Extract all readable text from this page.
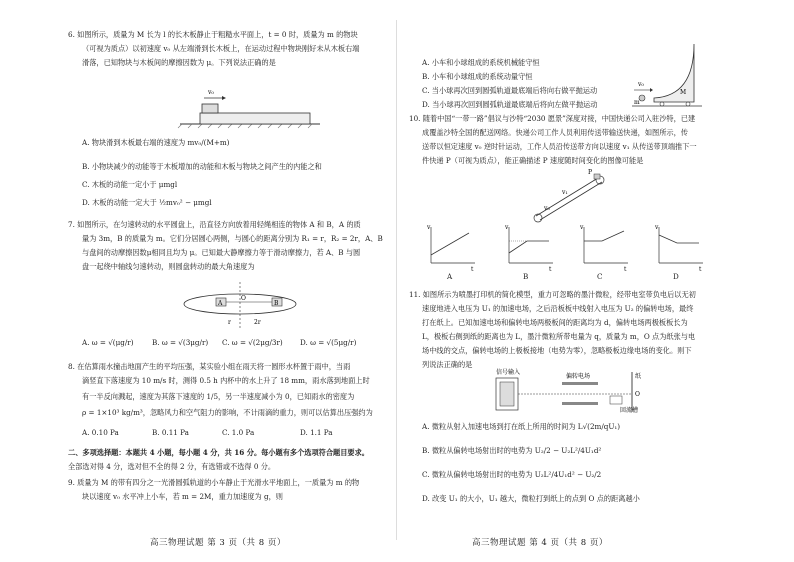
6. 如图所示，质量为 M 长为 l 的长木板静止于粗糙水平面上，t = 0 时，质量为 m 的物块
（可视为质点）以初速度 v₀ 从左端滑到长木板上，在运动过程中物块刚好未从木板右端
滑落，已知物块与木板间的摩擦因数为 μ。下列说法正确的是
v₀
A. 物块滑到木板最右端的速度为 mv₀/(M+m)
B. 小物块减少的动能等于木板增加的动能和木板与物块之间产生的内能之和
C. 木板的动能一定小于 μmgl
D. 木板的动能一定大于 ½mv₀² − μmgl
7. 如图所示，在匀速转动的水平圆盘上，沿直径方向放着用轻绳相连的物体 A 和 B，A 的质
量为 3m，B 的质量为 m。它们分居圆心两侧，与圆心的距离分别为 R₁ = r，R₂ = 2r，A、B
与盘间的动摩擦因数μ相同且均为 μ。已知最大静摩擦力等于滑动摩擦力，若 A、B 与圆
盘一起绕中轴线匀速转动，则圆盘转动的最大角速度为
A	B
O
r	2r
A. ω = √(μg/r)	B. ω = √(3μg/r) C. ω = √(2μg/3r) D. ω = √(5μg/r)
8. 在估算雨水撞击地面产生的平均压强，某实验小组在雨天将一圆形水杯置于雨中，当雨
滴竖直下落速度为 10 m/s 时，测得 0.5 h 内杯中的水上升了 18 mm，雨水落到地面上时
有一半反向溅起，速度为其落下速度的 1/5，另一半速度减小为 0，已知雨水的密度为
ρ = 1×10³ kg/m³，忽略风力和空气阻力的影响，不计雨滴的重力，则可以估算出压强约为
A. 0.10 Pa	B. 0.11 Pa	C. 1.0 Pa	D. 1.1 Pa
二、多项选择题：本题共 4 小题，每小题 4 分，共 16 分。每小题有多个选项符合题目要求。
全部选对得 4 分，选对但不全的得 2 分，有选错或不选得 0 分。
9. 质量为 M 的带有四分之一光滑圆弧轨道的小车静止于光滑水平地面上，一质量为 m 的物
块以速度 v₀ 水平冲上小车，若 m = 2M，重力加速度为 g，则
高三物理试题 第 3 页（共 8 页）
A. 小车和小球组成的系统机械能守恒
B. 小车和小球组成的系统动量守恒
C. 当小球再次回到圆弧轨道最底端后将向右做平抛运动
D. 当小球再次回到圆弧轨道最底端后将向左做平抛运动
v₀
m
M
10. 随着中国“一带一路”倡议与沙特“2030 愿景”深度对接，中国快递公司入驻沙特，已建
成覆盖沙特全国的配送网络。快递公司工作人员利用传送带输送快递，如图所示，传
送带以恒定速度 v₀ 逆时针运动，工作人员沿传送带方向以速度 v₁ 从传送带顶端推下一
件快递 P（可视为质点），能正确描述 P 速度随时间变化的图像可能是
P
v₁
v₀
v
t
v
t
v
t
v
t
A	B	C	D
11. 如图所示为喷墨打印机的简化模型，重力可忽略的墨汁微粒，经带电室带负电后以无初
速度地进入电压为 U₁ 的加速电场，之后沿板板中线射入电压为 U₂ 的偏转电场，最终
打在纸上。已知加速电场和偏转电场两极板间的距离均为 d，偏转电场两极板板长为
L，极板右侧到纸的距离也为 L，墨汁微粒所带电量为 q，质量为 m，O 点为纸张与电
场中线的交点，偏转电场的上极板接地（电势为零），忽略极板边缘电场的变化。则下
列说法正确的是
信号输入
偏转电场	纸
回流槽
O
A. 微粒从射入加速电场到打在纸上所用的时间为 L√(2m/qU₁)
B. 微粒从偏转电场射出时的电势为 U₂/2 − U₂L²/4U₁d²
C. 微粒从偏转电场射出时的电势为 U₂L²/4U₁d² − U₂/2
D. 改变 U₁ 的大小，U₁ 越大，微粒打到纸上的点到 O 点的距离越小
高三物理试题 第 4 页（共 8 页）
